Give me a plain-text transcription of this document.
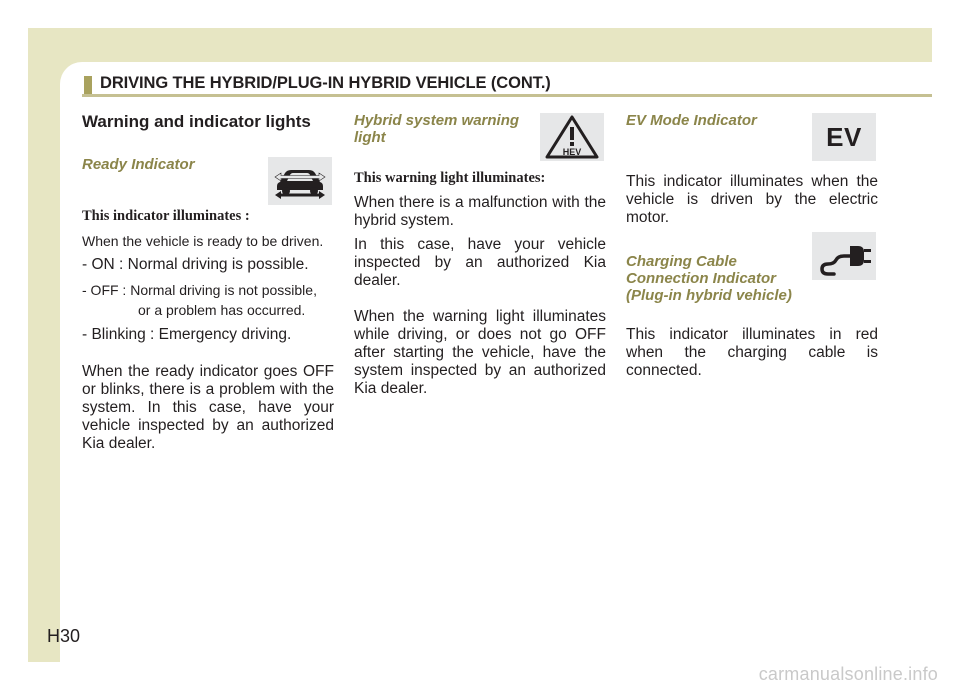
DRIVING THE HYBRID/PLUG-IN HYBRID VEHICLE (CONT.)
Warning and indicator lights
Ready Indicator
This indicator illuminates :

When the vehicle is ready to be driven.

- ON : Normal driving is possible.
- OFF : Normal driving is not possible,
or a problem has occurred.
- Blinking : Emergency driving.

When the ready indicator goes OFF or blinks, there is a problem with the system. In this case, have your vehicle inspected by an authorized Kia dealer.

Hybrid system warning
light
This warning light illuminates:

When there is a malfunction with the hybrid system.

In this case, have your vehicle inspected by an authorized Kia dealer.

When the warning light illuminates while driving, or does not go OFF after starting the vehicle, have the system inspected by an authorized Kia dealer.

HEV
EV Mode Indicator

This indicator illuminates when the vehicle is driven by the electric motor.

Charging Cable
Connection Indicator
(Plug-in hybrid vehicle)

This indicator illuminates in red when the charging cable is connected.

EV
H30
carmanualsonline.info
